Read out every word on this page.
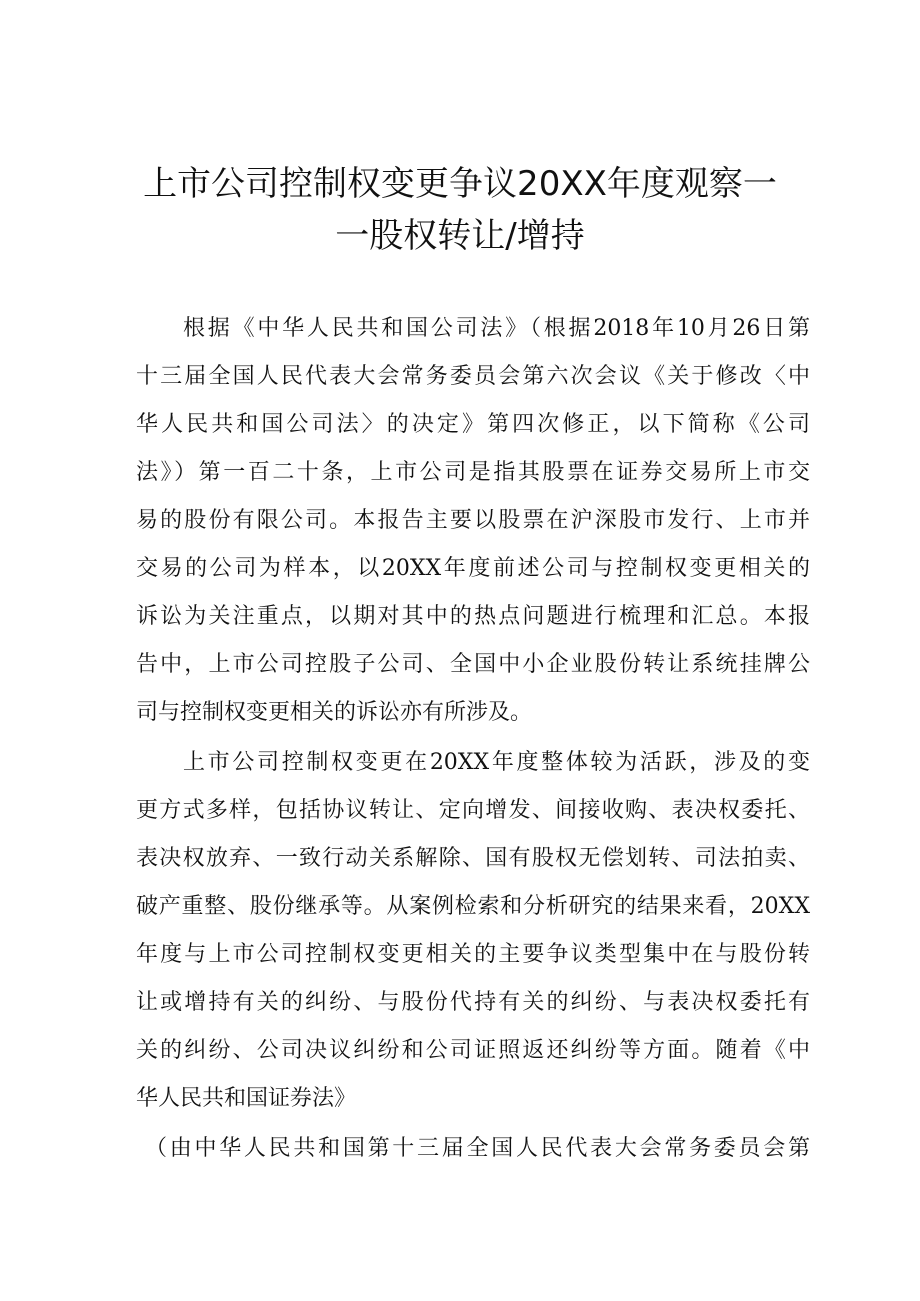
上市公司控制权变更争议20XX年度观察一
一股权转让/增持
根据《中华人民共和国公司法》（根据2018年10月26日第
十三届全国人民代表大会常务委员会第六次会议《关于修改〈中
华人民共和国公司法〉的决定》第四次修正，以下简称《公司
法》）第一百二十条，上市公司是指其股票在证券交易所上市交
易的股份有限公司。本报告主要以股票在沪深股市发行、上市并
交易的公司为样本，以20XX年度前述公司与控制权变更相关的
诉讼为关注重点，以期对其中的热点问题进行梳理和汇总。本报
告中，上市公司控股子公司、全国中小企业股份转让系统挂牌公
司与控制权变更相关的诉讼亦有所涉及。
上市公司控制权变更在20XX年度整体较为活跃，涉及的变
更方式多样，包括协议转让、定向增发、间接收购、表决权委托、
表决权放弃、一致行动关系解除、国有股权无偿划转、司法拍卖、
破产重整、股份继承等。从案例检索和分析研究的结果来看，20XX
年度与上市公司控制权变更相关的主要争议类型集中在与股份转
让或增持有关的纠纷、与股份代持有关的纠纷、与表决权委托有
关的纠纷、公司决议纠纷和公司证照返还纠纷等方面。随着《中
华人民共和国证券法》
（由中华人民共和国第十三届全国人民代表大会常务委员会第
